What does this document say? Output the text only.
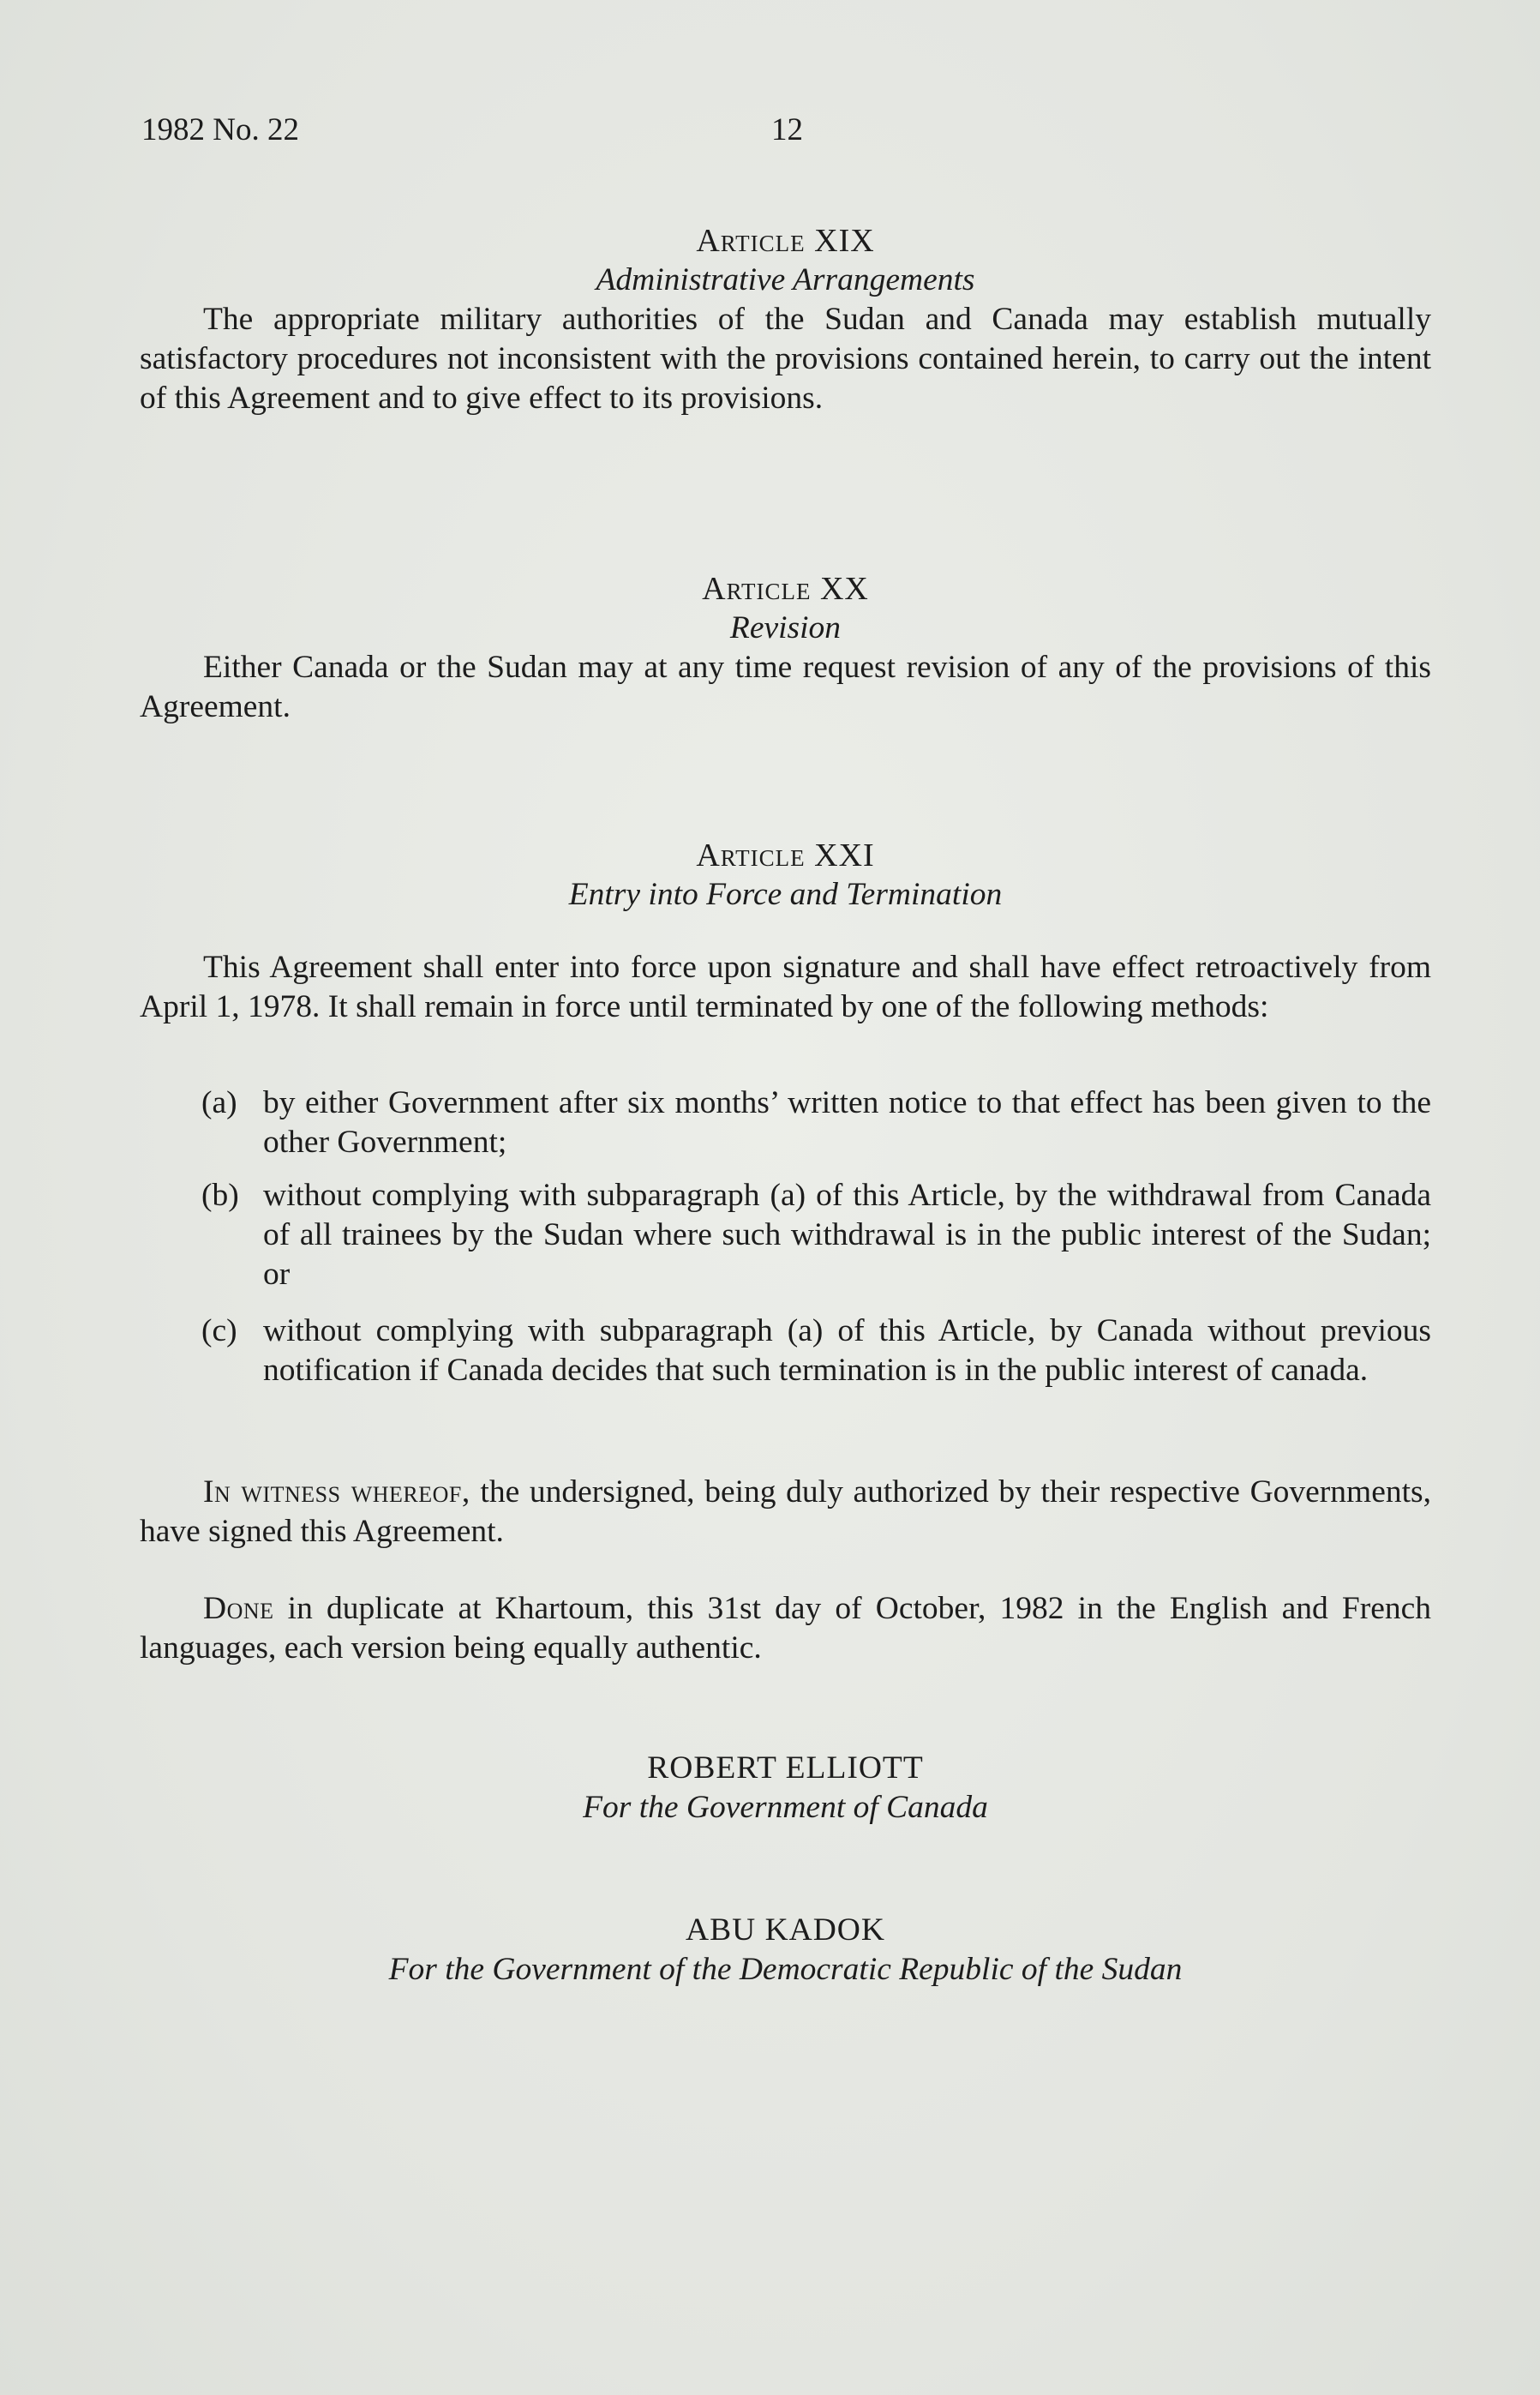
1982 No. 22	12
Article XIX
Administrative Arrangements
The appropriate military authorities of the Sudan and Canada may establish mutually satisfactory procedures not inconsistent with the provisions contained herein, to carry out the intent of this Agreement and to give effect to its provisions.
Article XX
Revision
Either Canada or the Sudan may at any time request revision of any of the provisions of this Agreement.
Article XXI
Entry into Force and Termination
This Agreement shall enter into force upon signature and shall have effect retroactively from April 1, 1978. It shall remain in force until terminated by one of the following methods:
(a) by either Government after six months’ written notice to that effect has been given to the other Government;
(b) without complying with subparagraph (a) of this Article, by the withdrawal from Canada of all trainees by the Sudan where such withdrawal is in the public interest of the Sudan; or
(c) without complying with subparagraph (a) of this Article, by Canada without previous notification if Canada decides that such termination is in the public interest of canada.
In witness whereof, the undersigned, being duly authorized by their respective Governments, have signed this Agreement.
Done in duplicate at Khartoum, this 31st day of October, 1982 in the English and French languages, each version being equally authentic.
ROBERT ELLIOTT
For the Government of Canada
ABU KADOK
For the Government of the Democratic Republic of the Sudan
